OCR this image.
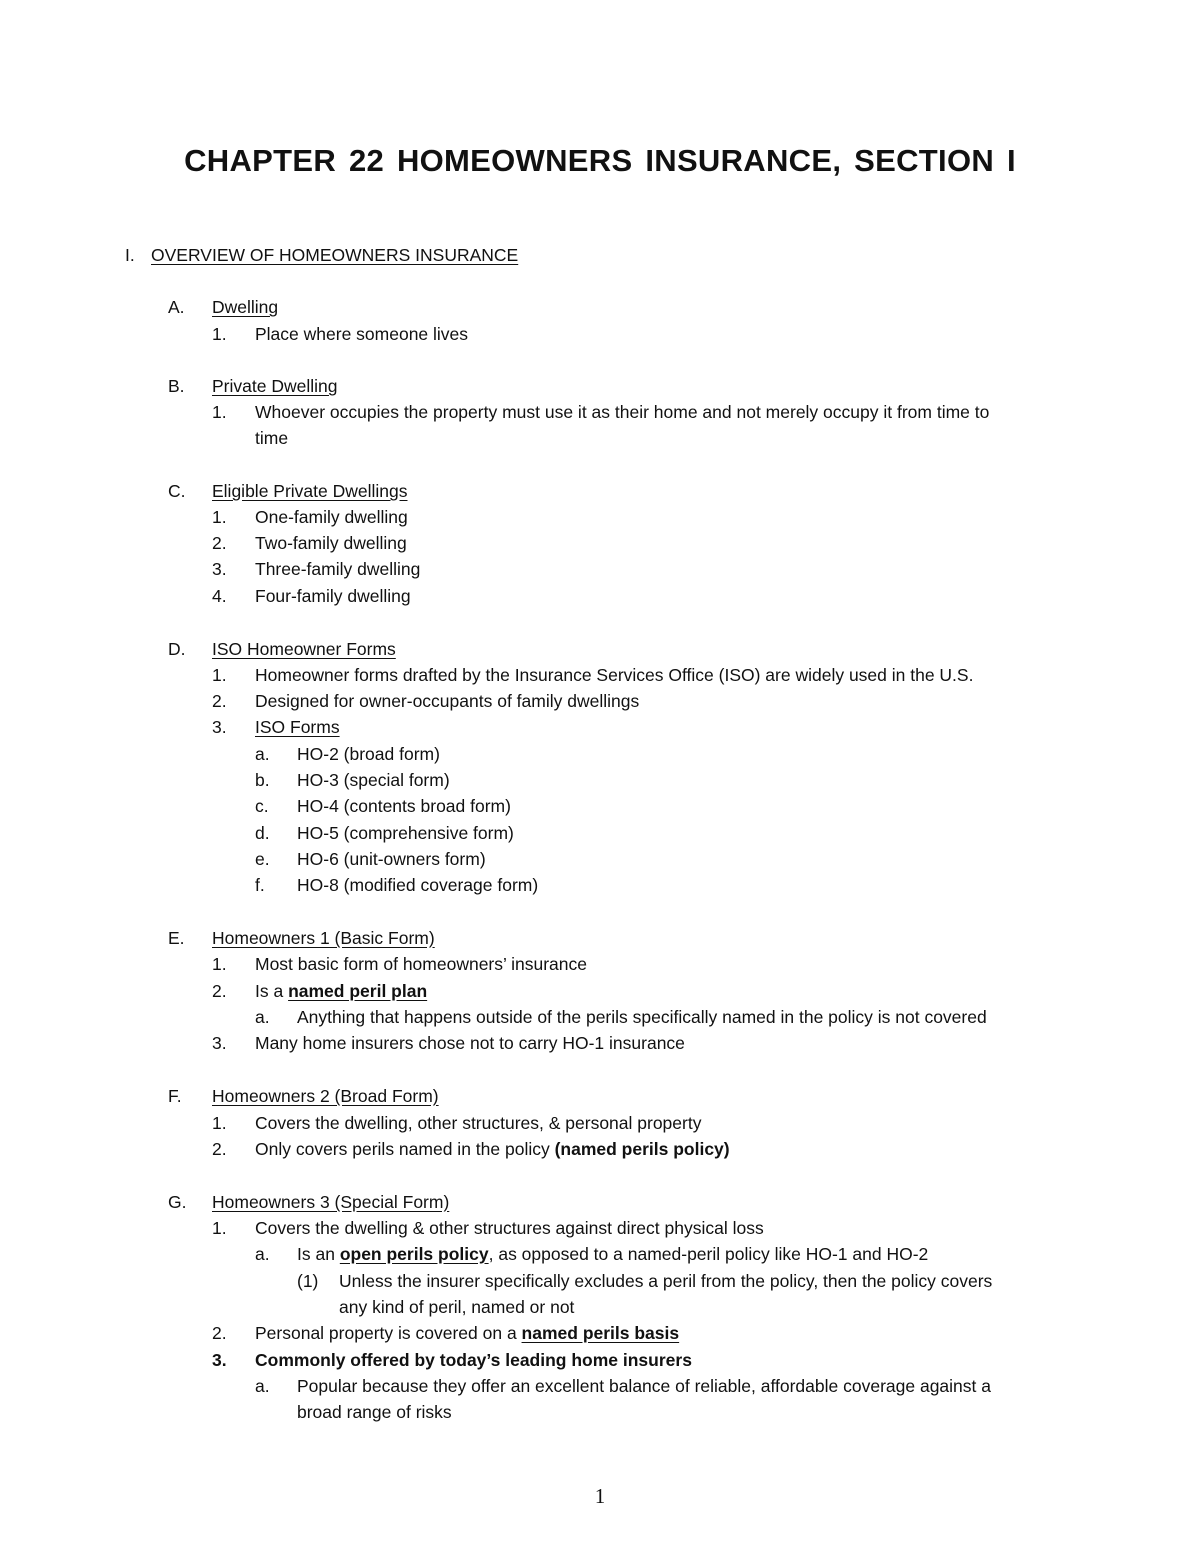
CHAPTER 22 HOMEOWNERS INSURANCE, SECTION I
I. OVERVIEW OF HOMEOWNERS INSURANCE
A. Dwelling
1. Place where someone lives
B. Private Dwelling
1. Whoever occupies the property must use it as their home and not merely occupy it from time to
time
C. Eligible Private Dwellings
1. One-family dwelling
2. Two-family dwelling
3. Three-family dwelling
4. Four-family dwelling
D. ISO Homeowner Forms
1. Homeowner forms drafted by the Insurance Services Office (ISO) are widely used in the U.S.
2. Designed for owner-occupants of family dwellings
3. ISO Forms
a. HO-2 (broad form)
b. HO-3 (special form)
c. HO-4 (contents broad form)
d. HO-5 (comprehensive form)
e. HO-6 (unit-owners form)
f. HO-8 (modified coverage form)
E. Homeowners 1 (Basic Form)
1. Most basic form of homeowners’ insurance
2. Is a named peril plan
a. Anything that happens outside of the perils specifically named in the policy is not covered
3. Many home insurers chose not to carry HO-1 insurance
F. Homeowners 2 (Broad Form)
1. Covers the dwelling, other structures, & personal property
2. Only covers perils named in the policy (named perils policy)
G. Homeowners 3 (Special Form)
1. Covers the dwelling & other structures against direct physical loss
a. Is an open perils policy, as opposed to a named-peril policy like HO-1 and HO-2
(1) Unless the insurer specifically excludes a peril from the policy, then the policy covers
any kind of peril, named or not
2. Personal property is covered on a named perils basis
3. Commonly offered by today’s leading home insurers
a. Popular because they offer an excellent balance of reliable, affordable coverage against a
broad range of risks
1
